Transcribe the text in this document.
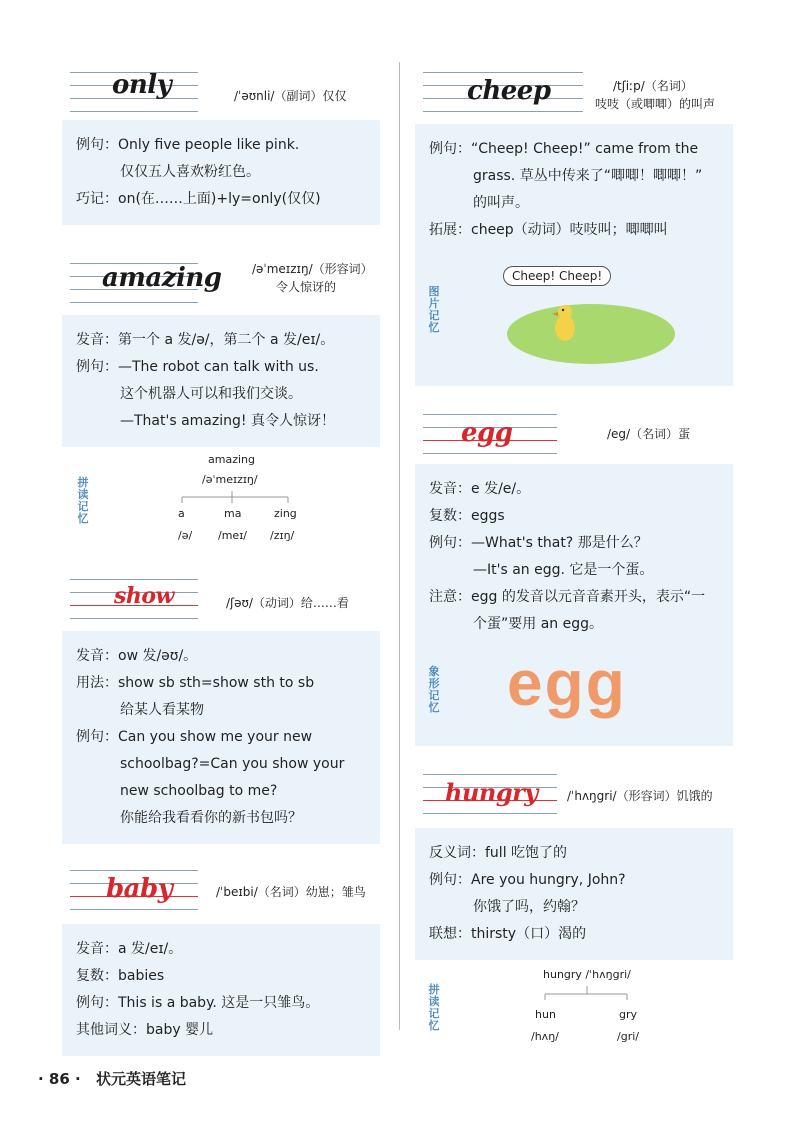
only	/ˈəʊnli/（副词）仅仅
例句：Only five people like pink.
仅仅五人喜欢粉红色。
巧记：on(在……上面)+ly=only(仅仅)
amazing	/əˈmeɪzɪŋ/（形容词）
令人惊讶的
发音：第一个 a 发/ə/，第二个 a 发/eɪ/。
例句：—The robot can talk with us.
这个机器人可以和我们交谈。
—That's amazing! 真令人惊讶！
拼
读
记
忆
amazing
/əˈmeɪzɪŋ/
a	ma	zing
/ə/ /meɪ/ /zɪŋ/
show	/ʃəʊ/（动词）给……看
发音：ow 发/əʊ/。
用法：show sb sth=show sth to sb
给某人看某物
例句：Can you show me your new
schoolbag?=Can you show your
new schoolbag to me?
你能给我看看你的新书包吗？
baby	/ˈbeɪbi/（名词）幼崽；雏鸟
发音：a 发/eɪ/。
复数：babies
例句：This is a baby. 这是一只雏鸟。
其他词义：baby 婴儿
cheep	/tʃiːp/（名词）
吱吱（或唧唧）的叫声
例句：“Cheep! Cheep!” came from the
grass. 草丛中传来了“唧唧！唧唧！”
的叫声。
拓展：cheep（动词）吱吱叫；唧唧叫
图
片
记
忆
Cheep! Cheep!
egg	/eg/（名词）蛋
发音：e 发/e/。
复数：eggs
例句：—What's that? 那是什么？
—It's an egg. 它是一个蛋。
注意：egg 的发音以元音音素开头，表示“一
个蛋”要用 an egg。
象
形
记
忆 egg
hungry /ˈhʌŋgri/（形容词）饥饿的
反义词：full 吃饱了的
例句：Are you hungry, John?
你饿了吗，约翰？
联想：thirsty（口）渴的
拼
读
记
忆
hungry /ˈhʌŋgri/
hun	gry
/hʌŋ/	/gri/
· 86 · 状元英语笔记
